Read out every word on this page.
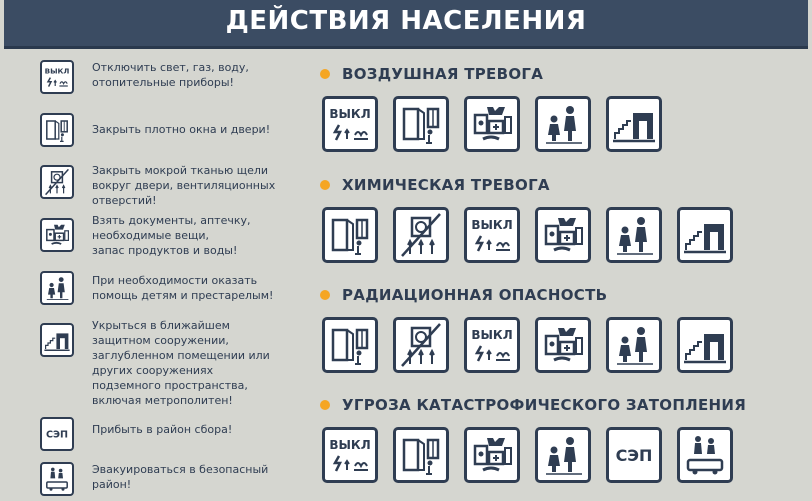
ДЕЙСТВИЯ НАСЕЛЕНИЯ
ВЫКЛ Отключить свет, газ, воду,
отопительные приборы!
Закрыть плотно окна и двери!
Закрыть мокрой тканью щели
вокруг двери, вентиляционных
отверстий!
Взять документы, аптечку,
необходимые вещи,
запас продуктов и воды!
При необходимости оказать
помощь детям и престарелым!
Укрыться в ближайшем
защитном сооружении,
заглубленном помещении или
других сооружениях
подземного пространства,
включая метрополитен!
СЭП Прибыть в район сбора!
Эвакуироваться в безопасный
район!
ВОЗДУШНАЯ ТРЕВОГА
ВЫКЛ
ХИМИЧЕСКАЯ ТРЕВОГА
ВЫКЛ
РАДИАЦИОННАЯ ОПАСНОСТЬ
ВЫКЛ
УГРОЗА КАТАСТРОФИЧЕСКОГО ЗАТОПЛЕНИЯ
ВЫКЛ
СЭП
